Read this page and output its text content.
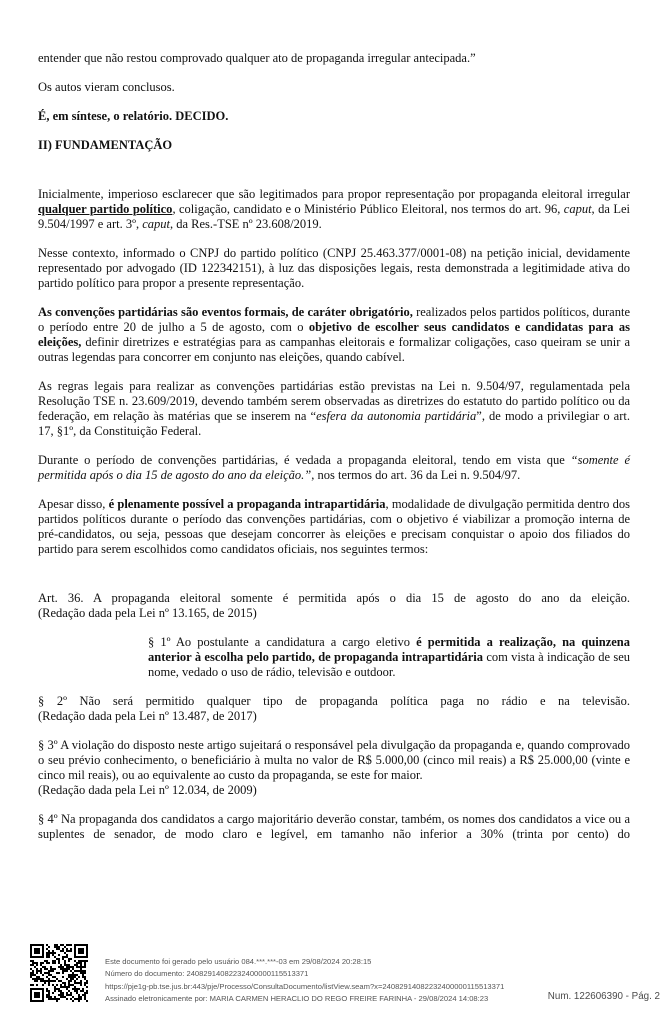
entender que não restou comprovado qualquer ato de propaganda irregular antecipada.”

Os autos vieram conclusos.

É, em síntese, o relatório. DECIDO.

II) FUNDAMENTAÇÃO

Inicialmente, imperioso esclarecer que são legitimados para propor representação por propaganda eleitoral irregular qualquer partido político, coligação, candidato e o Ministério Público Eleitoral, nos termos do art. 96, caput, da Lei 9.504/1997 e art. 3º, caput, da Res.-TSE nº 23.608/2019.

Nesse contexto, informado o CNPJ do partido político (CNPJ 25.463.377/0001-08) na petição inicial, devidamente representado por advogado (ID 122342151), à luz das disposições legais, resta demonstrada a legitimidade ativa do partido político para propor a presente representação.

As convenções partidárias são eventos formais, de caráter obrigatório, realizados pelos partidos políticos, durante o período entre 20 de julho a 5 de agosto, com o objetivo de escolher seus candidatos e candidatas para as eleições, definir diretrizes e estratégias para as campanhas eleitorais e formalizar coligações, caso queiram se unir a outras legendas para concorrer em conjunto nas eleições, quando cabível.

As regras legais para realizar as convenções partidárias estão previstas na Lei n. 9.504/97, regulamentada pela Resolução TSE n. 23.609/2019, devendo também serem observadas as diretrizes do estatuto do partido político ou da federação, em relação às matérias que se inserem na “esfera da autonomia partidária”, de modo a privilegiar o art. 17, §1º, da Constituição Federal.

Durante o período de convenções partidárias, é vedada a propaganda eleitoral, tendo em vista que “somente é permitida após o dia 15 de agosto do ano da eleição.”, nos termos do art. 36 da Lei n. 9.504/97.

Apesar disso, é plenamente possível a propaganda intrapartidária, modalidade de divulgação permitida dentro dos partidos políticos durante o período das convenções partidárias, com o objetivo é viabilizar a promoção interna de pré-candidatos, ou seja, pessoas que desejam concorrer às eleições e precisam conquistar o apoio dos filiados do partido para serem escolhidos como candidatos oficiais, nos seguintes termos:

Art. 36. A propaganda eleitoral somente é permitida após o dia 15 de agosto do ano da eleição.

(Redação dada pela Lei nº 13.165, de 2015)

§ 1º Ao postulante a candidatura a cargo eletivo é permitida a realização, na quinzena anterior à escolha pelo partido, de propaganda intrapartidária com vista à indicação de seu nome, vedado o uso de rádio, televisão e outdoor.

§ 2º Não será permitido qualquer tipo de propaganda política paga no rádio e na televisão.

(Redação dada pela Lei nº 13.487, de 2017)

§ 3º A violação do disposto neste artigo sujeitará o responsável pela divulgação da propaganda e, quando comprovado o seu prévio conhecimento, o beneficiário à multa no valor de R$ 5.000,00 (cinco mil reais) a R$ 25.000,00 (vinte e cinco mil reais), ou ao equivalente ao custo da propaganda, se este for maior.

(Redação dada pela Lei nº 12.034, de 2009)

§ 4º Na propaganda dos candidatos a cargo majoritário deverão constar, também, os nomes dos candidatos a vice ou a suplentes de senador, de modo claro e legível, em tamanho não inferior a 30% (trinta por cento) do

Este documento foi gerado pelo usuário 084.***.***-03 em 29/08/2024 20:28:15
Número do documento: 24082914082232400000115513371
https://pje1g-pb.tse.jus.br:443/pje/Processo/ConsultaDocumento/listView.seam?x=24082914082232400000115513371
Assinado eletronicamente por: MARIA CARMEN HERACLIO DO REGO FREIRE FARINHA - 29/08/2024 14:08:23	Num. 122606390 - Pág. 2
